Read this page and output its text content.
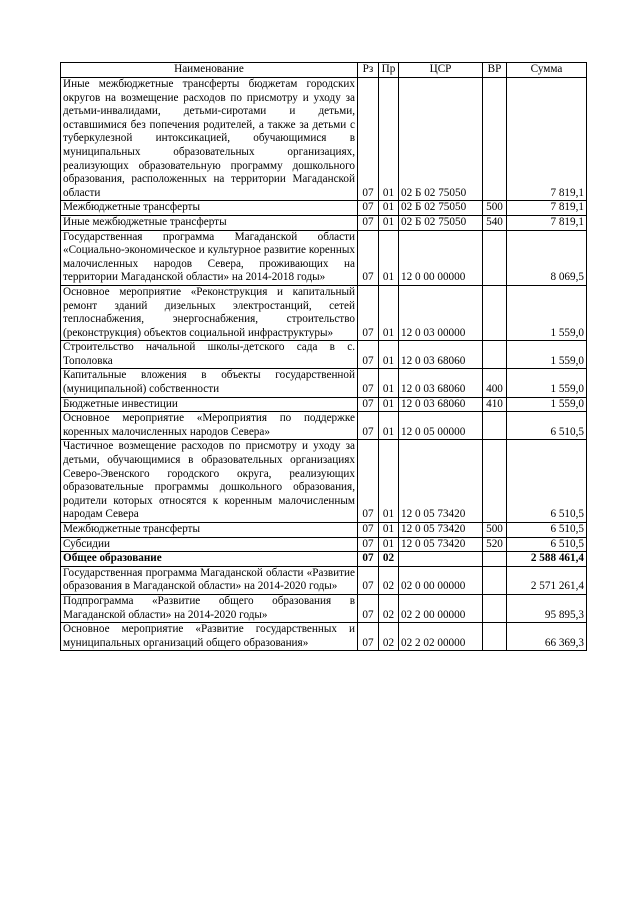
Наименование	Рз	Пр	ЦСР	ВР	Сумма
Иные межбюджетные трансферты бюджетам городских округов на возмещение расходов по присмотру и уходу за детьми-инвалидами, детьми-сиротами и детьми, оставшимися без попечения родителей, а также за детьми с туберкулезной интоксикацией, обучающимися в муниципальных образовательных организациях, реализующих образовательную программу дошкольного образования, расположенных на территории Магаданской области	07	01	02 Б 02 75050		7 819,1
Межбюджетные трансферты	07	01	02 Б 02 75050	500	7 819,1
Иные межбюджетные трансферты	07	01	02 Б 02 75050	540	7 819,1
Государственная программа Магаданской области «Социально-экономическое и культурное развитие коренных малочисленных народов Севера, проживающих на территории Магаданской области» на 2014-2018 годы»	07	01	12 0 00 00000		8 069,5
Основное мероприятие «Реконструкция и капитальный ремонт зданий дизельных электростанций, сетей теплоснабжения, энергоснабжения, строительство (реконструкция) объектов социальной инфраструктуры»	07	01	12 0 03 00000		1 559,0
Строительство начальной школы-детского сада в с. Тополовка	07	01	12 0 03 68060		1 559,0
Капитальные вложения в объекты государственной (муниципальной) собственности	07	01	12 0 03 68060	400	1 559,0
Бюджетные инвестиции	07	01	12 0 03 68060	410	1 559,0
Основное мероприятие «Мероприятия по поддержке коренных малочисленных народов Севера»	07	01	12 0 05 00000		6 510,5
Частичное возмещение расходов по присмотру и уходу за детьми, обучающимися в образовательных организациях Северо-Эвенского городского округа, реализующих образовательные программы дошкольного образования, родители которых относятся к коренным малочисленным народам Севера	07	01	12 0 05 73420		6 510,5
Межбюджетные трансферты	07	01	12 0 05 73420	500	6 510,5
Субсидии	07	01	12 0 05 73420	520	6 510,5
Общее образование	07	02			2 588 461,4
Государственная программа Магаданской области «Развитие образования в Магаданской области» на 2014-2020 годы»	07	02	02 0 00 00000		2 571 261,4
Подпрограмма «Развитие общего образования в Магаданской области» на 2014-2020 годы»	07	02	02 2 00 00000		95 895,3
Основное мероприятие «Развитие государственных и муниципальных организаций общего образования»	07	02	02 2 02 00000		66 369,3
